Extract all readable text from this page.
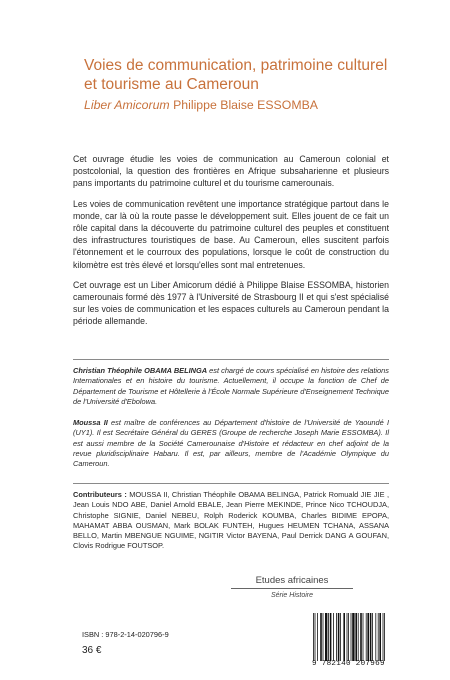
Voies de communication, patrimoine culturel et tourisme au Cameroun
Liber Amicorum Philippe Blaise ESSOMBA

Cet ouvrage étudie les voies de communication au Cameroun colonial et postcolonial, la question des frontières en Afrique subsaharienne et plusieurs pans importants du patrimoine culturel et du tourisme camerounais.

Les voies de communication revêtent une importance stratégique partout dans le monde, car là où la route passe le développement suit. Elles jouent de ce fait un rôle capital dans la découverte du patrimoine culturel des peuples et constituent des infrastructures touristiques de base. Au Cameroun, elles suscitent parfois l'étonnement et le courroux des populations, lorsque le coût de construction du kilomètre est très élevé et lorsqu'elles sont mal entretenues.

Cet ouvrage est un Liber Amicorum dédié à Philippe Blaise ESSOMBA, historien camerounais formé dès 1977 à l'Université de Strasbourg II et qui s'est spécialisé sur les voies de communication et les espaces culturels au Cameroun pendant la période allemande.

Christian Théophile OBAMA BELINGA est chargé de cours spécialisé en histoire des relations Internationales et en histoire du tourisme. Actuellement, il occupe la fonction de Chef de Département de Tourisme et Hôtellerie à l'École Normale Supérieure d'Enseignement Technique de l'Université d'Ebolowa.

Moussa II est maître de conférences au Département d'histoire de l'Université de Yaoundé I (UY1). Il est Secrétaire Général du GERES (Groupe de recherche Joseph Marie ESSOMBA). Il est aussi membre de la Société Camerounaise d'Histoire et rédacteur en chef adjoint de la revue pluridisciplinaire Habaru. Il est, par ailleurs, membre de l'Académie Olympique du Cameroun.

Contributeurs : MOUSSA II, Christian Théophile OBAMA BELINGA, Patrick Romuald JIE JIE , Jean Louis NDO ABE, Daniel Arnold EBALE, Jean Pierre MEKINDE, Prince Nico TCHOUDJA, Christophe SIGNIE, Daniel NEBEU, Rolph Roderick KOUMBA, Charles BIDIME EPOPA, MAHAMAT ABBA OUSMAN, Mark BOLAK FUNTEH, Hugues HEUMEN TCHANA, ASSANA BELLO, Martin MBENGUE NGUIME, NGITIR Victor BAYENA, Paul Derrick DANG A GOUFAN, Clovis Rodrigue FOUTSOP.

Etudes africaines
Série Histoire
ISBN : 978-2-14-020796-9
36 €
9 782140 207969
